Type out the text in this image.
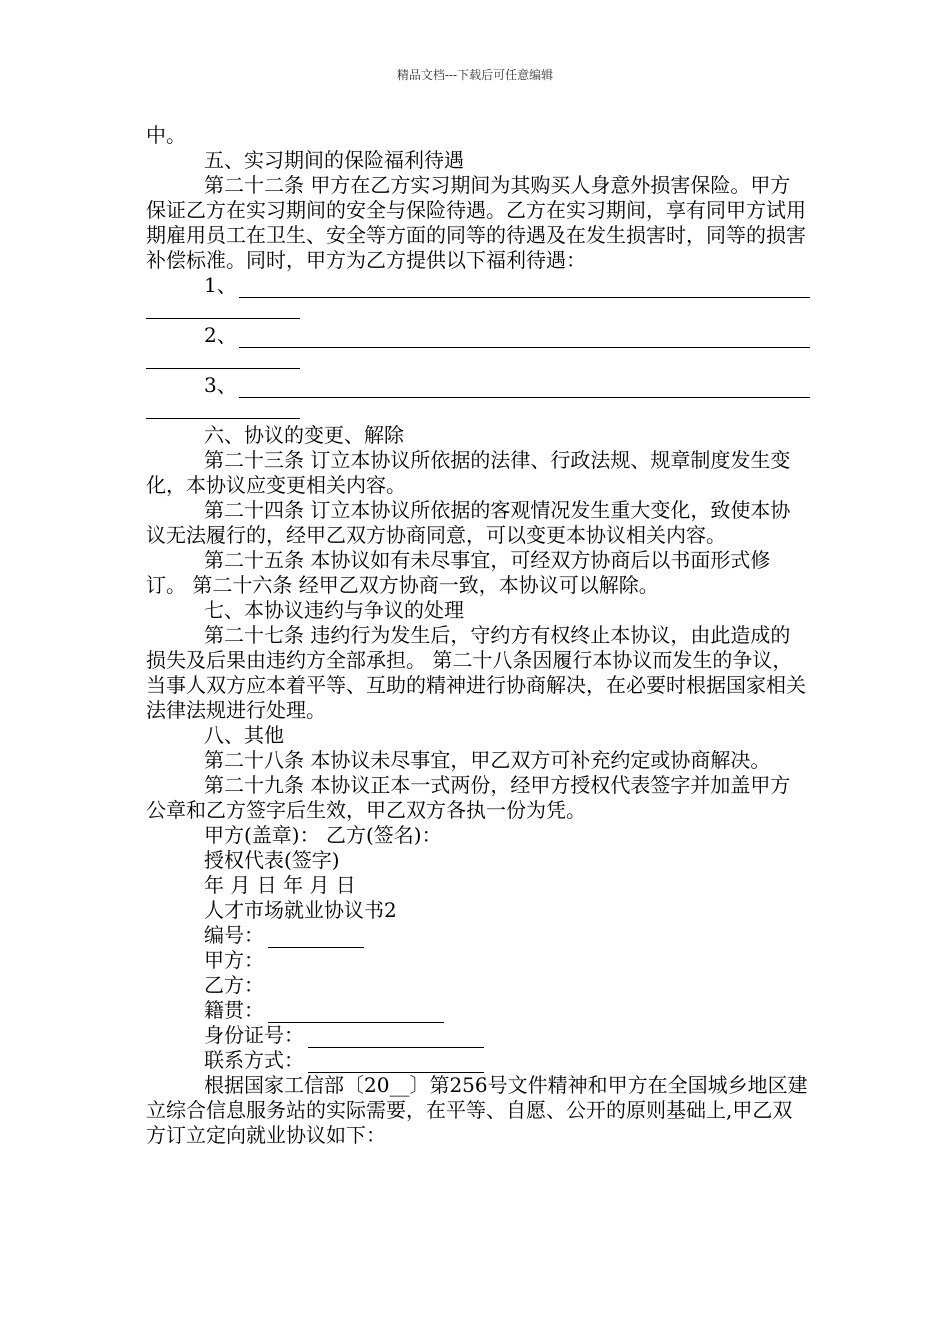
精品文档---下载后可任意编辑

中。

五、实习期间的保险福利待遇

第二十二条 甲方在乙方实习期间为其购买人身意外损害保险。甲方保证乙方在实习期间的安全与保险待遇。乙方在实习期间，享有同甲方试用期雇用员工在卫生、安全等方面的同等的待遇及在发生损害时，同等的损害补偿标准。同时，甲方为乙方提供以下福利待遇：

1、
2、
3、

六、协议的变更、解除

第二十三条 订立本协议所依据的法律、行政法规、规章制度发生变化，本协议应变更相关内容。

第二十四条 订立本协议所依据的客观情况发生重大变化，致使本协议无法履行的，经甲乙双方协商同意，可以变更本协议相关内容。

第二十五条 本协议如有未尽事宜，可经双方协商后以书面形式修订。 第二十六条 经甲乙双方协商一致，本协议可以解除。

七、本协议违约与争议的处理

第二十七条 违约行为发生后，守约方有权终止本协议，由此造成的损失及后果由违约方全部承担。 第二十八条因履行本协议而发生的争议，当事人双方应本着平等、互助的精神进行协商解决，在必要时根据国家相关法律法规进行处理。

八、其他

第二十八条 本协议未尽事宜，甲乙双方可补充约定或协商解决。

第二十九条 本协议正本一式两份，经甲方授权代表签字并加盖甲方公章和乙方签字后生效，甲乙双方各执一份为凭。

甲方(盖章)： 乙方(签名)：

授权代表(签字)

年 月 日 年 月 日

人才市场就业协议书2

编号：
甲方：
乙方：
籍贯：
身份证号：
联系方式：

根据国家工信部〔20__〕第256号文件精神和甲方在全国城乡地区建立综合信息服务站的实际需要，在平等、自愿、公开的原则基础上,甲乙双方订立定向就业协议如下：
